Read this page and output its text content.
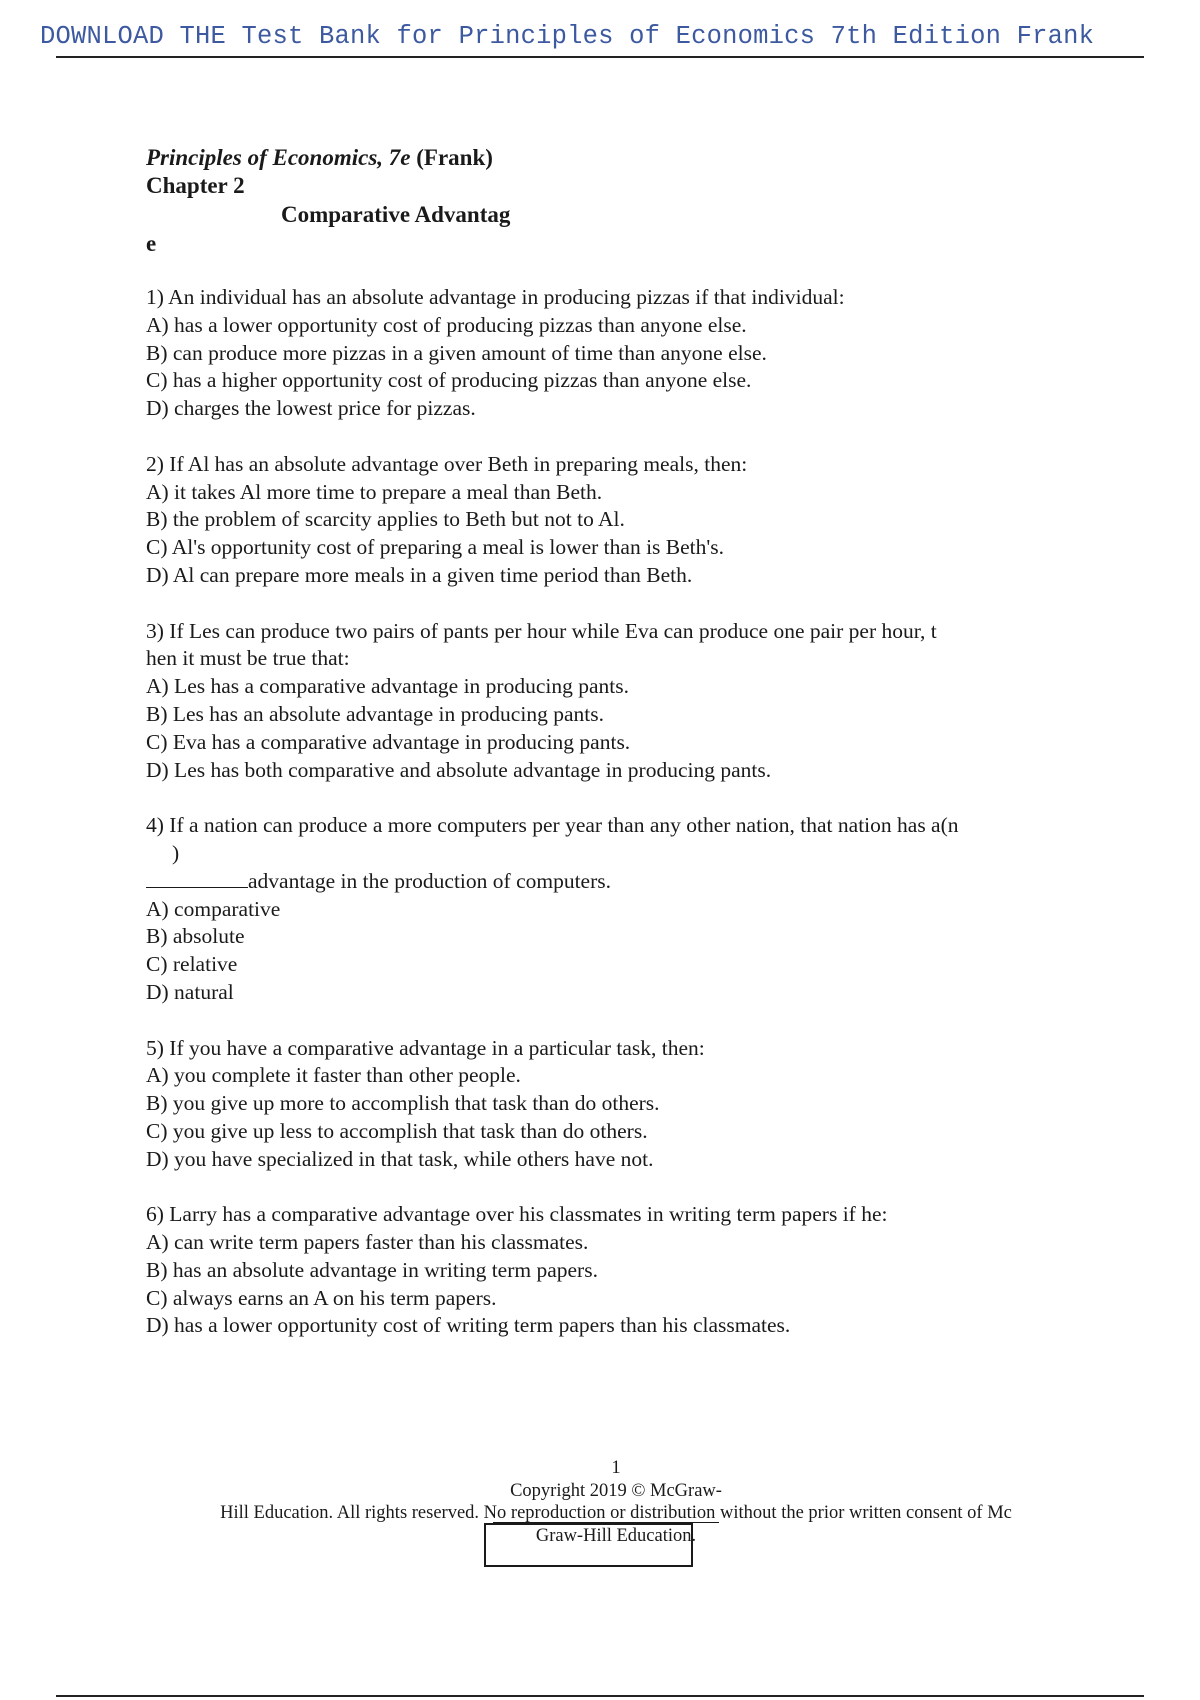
DOWNLOAD THE Test Bank for Principles of Economics 7th Edition Frank
Principles of Economics, 7e (Frank)
Chapter 2
Comparative Advantag
e
1) An individual has an absolute advantage in producing pizzas if that individual:
A) has a lower opportunity cost of producing pizzas than anyone else.
B) can produce more pizzas in a given amount of time than anyone else.
C) has a higher opportunity cost of producing pizzas than anyone else.
D) charges the lowest price for pizzas.
2) If Al has an absolute advantage over Beth in preparing meals, then:
A) it takes Al more time to prepare a meal than Beth.
B) the problem of scarcity applies to Beth but not to Al.
C) Al's opportunity cost of preparing a meal is lower than is Beth's.
D) Al can prepare more meals in a given time period than Beth.
3) If Les can produce two pairs of pants per hour while Eva can produce one pair per hour, t
hen it must be true that:
A) Les has a comparative advantage in producing pants.
B) Les has an absolute advantage in producing pants.
C) Eva has a comparative advantage in producing pants.
D) Les has both comparative and absolute advantage in producing pants.
4) If a nation can produce a more computers per year than any other nation, that nation has a(n
)
advantage in the production of computers.
A) comparative
B) absolute
C) relative
D) natural
5) If you have a comparative advantage in a particular task, then:
A) you complete it faster than other people.
B) you give up more to accomplish that task than do others.
C) you give up less to accomplish that task than do others.
D) you have specialized in that task, while others have not.
6) Larry has a comparative advantage over his classmates in writing term papers if he:
A) can write term papers faster than his classmates.
B) has an absolute advantage in writing term papers.
C) always earns an A on his term papers.
D) has a lower opportunity cost of writing term papers than his classmates.
1
Copyright 2019 © McGraw-
Hill Education. All rights reserved. No reproduction or distribution without the prior written consent of Mc
Graw-Hill Education.
